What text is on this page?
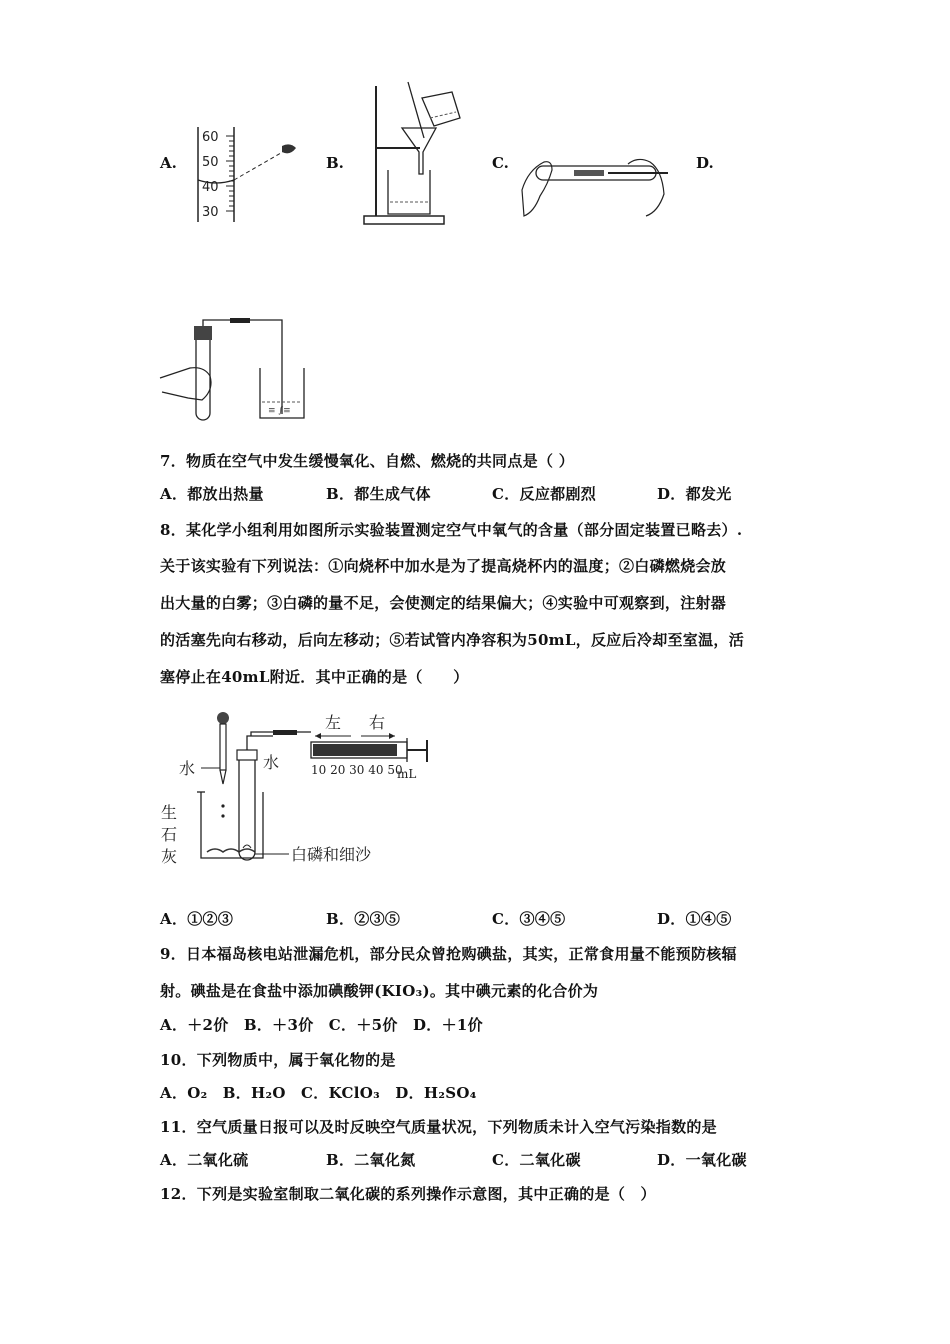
A.	B.	C.	D.
60
50
40
30
≡ ∫≡
7．物质在空气中发生缓慢氧化、自燃、燃烧的共同点是（ ）
A．都放出热量	B．都生成气体	C．反应都剧烈	D．都发光
8．某化学小组利用如图所示实验装置测定空气中氧气的含量（部分固定装置已略去）.
关于该实验有下列说法：①向烧杯中加水是为了提高烧杯内的温度；②白磷燃烧会放
出大量的白雾；③白磷的量不足，会使测定的结果偏大；④实验中可观察到，注射器
的活塞先向右移动，后向左移动；⑤若试管内净容积为50mL，反应后冷却至室温，活
塞停止在40mL附近．其中正确的是（　　）
水
生
石
灰	白磷和细沙
水
左 右
10 20 30 40 50
mL
A．①②③	B．②③⑤	C．③④⑤	D．①④⑤
9．日本福岛核电站泄漏危机，部分民众曾抢购碘盐，其实，正常食用量不能预防核辐
射。碘盐是在食盐中添加碘酸钾(KIO₃)。其中碘元素的化合价为
A．＋2价　B．＋3价　C．＋5价　D．＋1价
10．下列物质中，属于氧化物的是
A．O₂　B．H₂O　C．KClO₃　D．H₂SO₄
11．空气质量日报可以及时反映空气质量状况，下列物质未计入空气污染指数的是
A．二氧化硫	B．二氧化氮	C．二氧化碳	D．一氧化碳
12．下列是实验室制取二氧化碳的系列操作示意图，其中正确的是（　）
